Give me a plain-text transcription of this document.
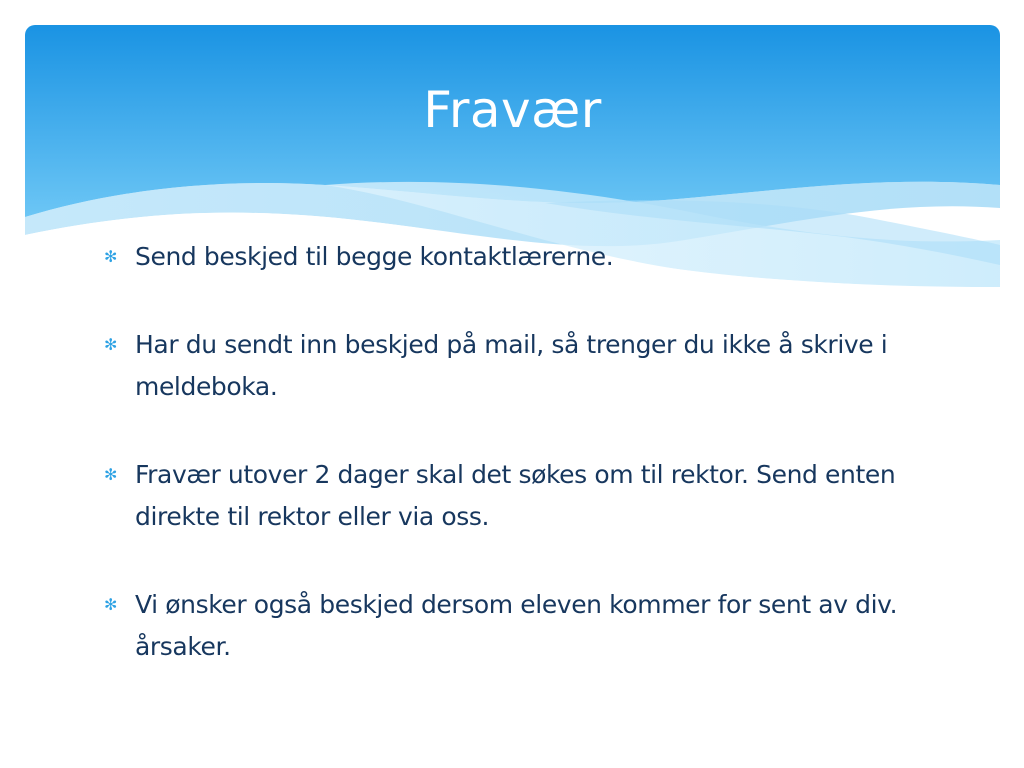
Fravær
✻ Send beskjed til begge kontaktlærerne.
✻ Har du sendt inn beskjed på mail, så trenger du ikke å skrive i meldeboka.
✻ Fravær utover 2 dager skal det søkes om til rektor. Send enten direkte til rektor eller via oss.
✻ Vi ønsker også beskjed dersom eleven kommer for sent av div. årsaker.
